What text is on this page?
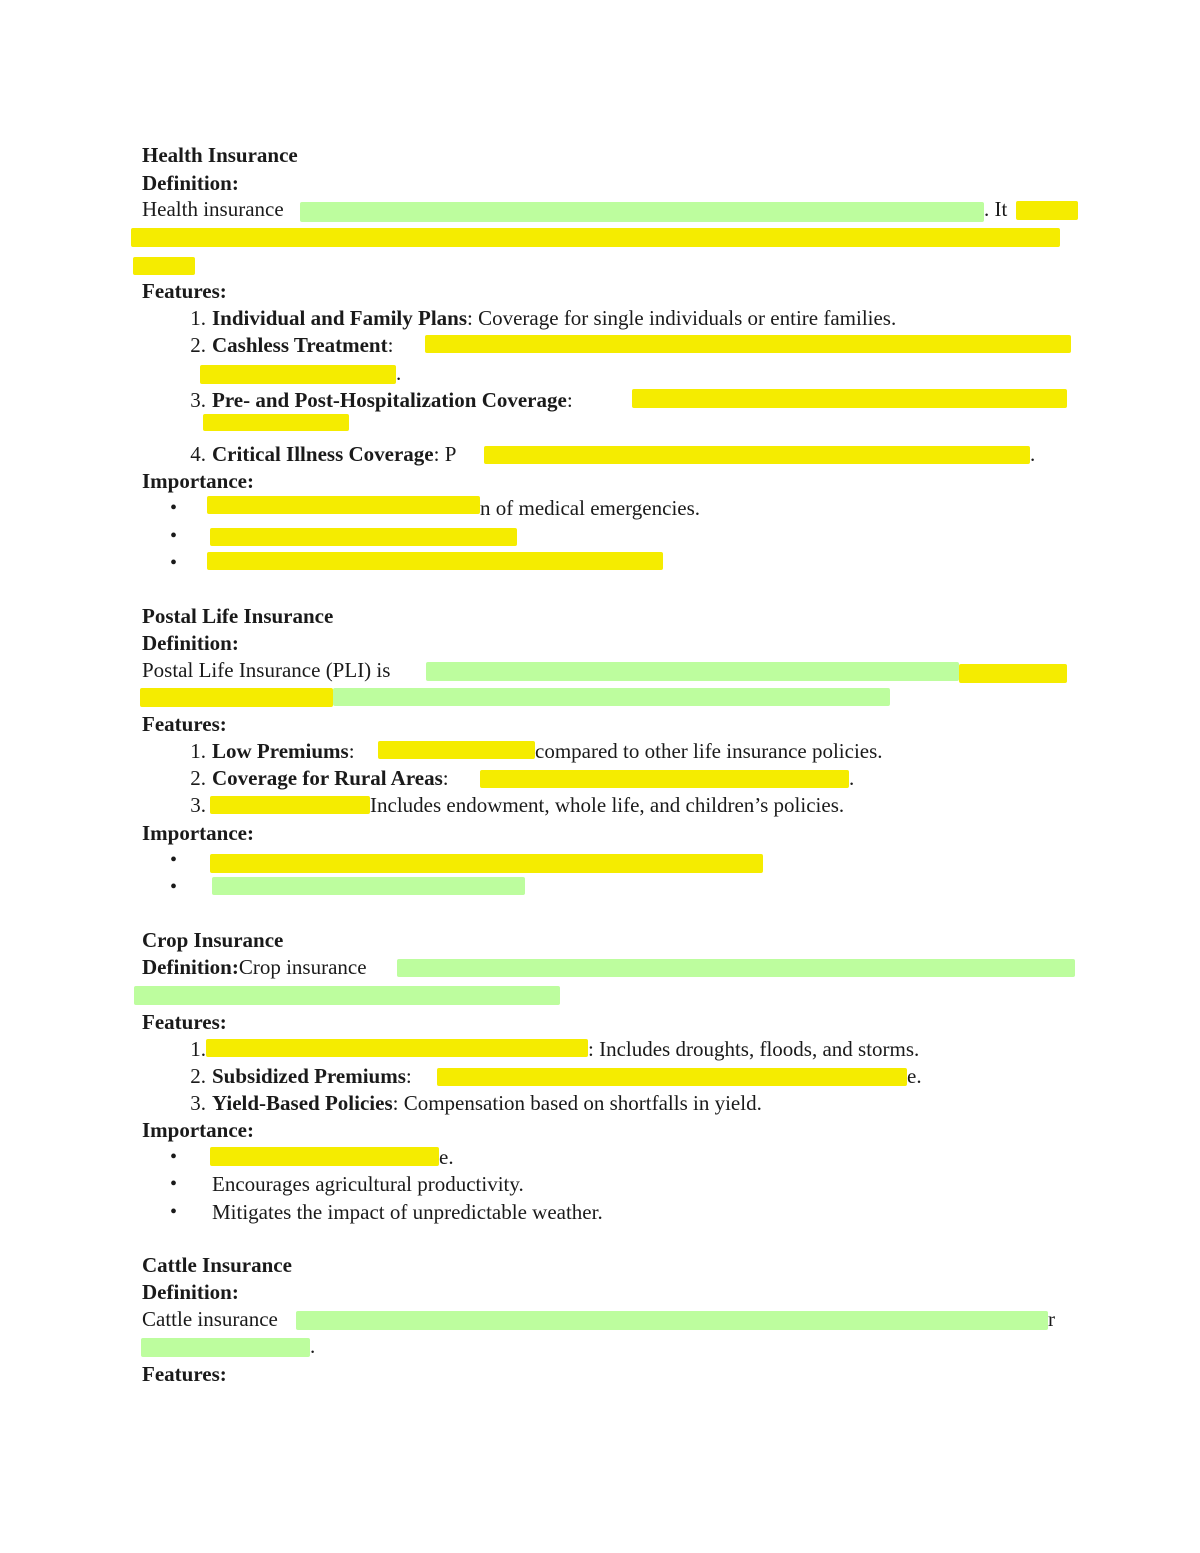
Health Insurance

Definition:

Health insurance	. It

Features:

1. Individual and Family Plans: Coverage for single individuals or entire families.
2. Cashless Treatment:

.

3. Pre- and Post-Hospitalization Coverage:
4. Critical Illness Coverage: P	.

Importance:

•	n of medical emergencies.

•
•

Postal Life Insurance

Definition:

Postal Life Insurance (PLI) is

Features:

1. Low Premiums:	compared to other life insurance policies.

2. Coverage for Rural Areas:	.

3.	Includes endowment, whole life, and children’s policies.

Importance:

•
•

Crop Insurance

Definition:Crop insurance

Features:

1.	: Includes droughts, floods, and storms.

2. Subsidized Premiums:	e.

3. Yield-Based Policies: Compensation based on shortfalls in yield.

Importance:

•	e.

• Encourages agricultural productivity.
• Mitigates the impact of unpredictable weather.

Cattle Insurance

Definition:

Cattle insurance	r

.

Features:
